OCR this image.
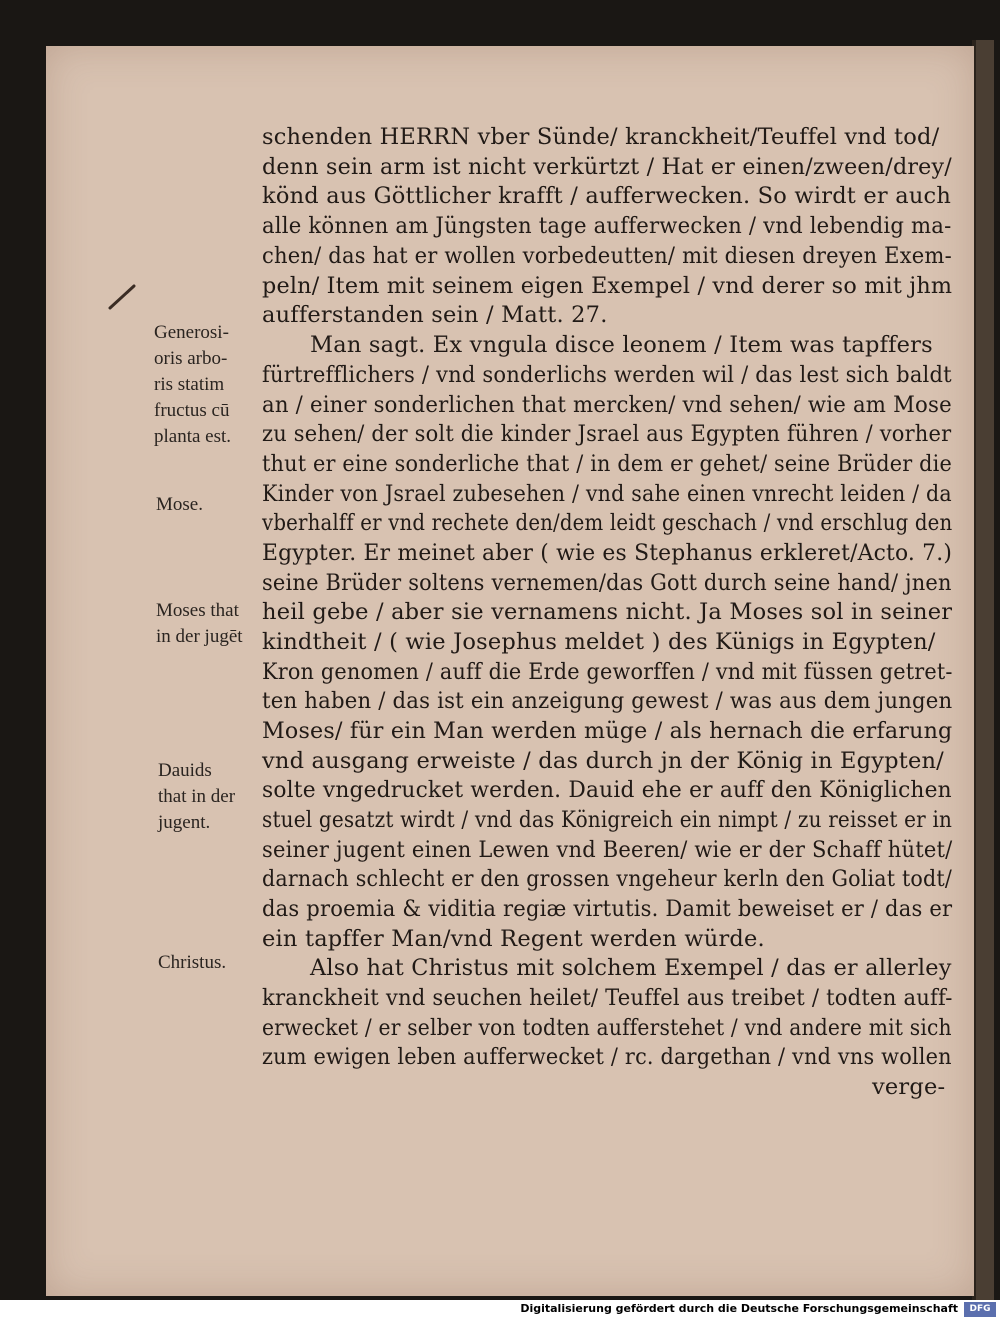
schenden HERRN vber Sünde/ kranckheit/Teuffel vnd tod/
denn sein arm ist nicht verkürtzt / Hat er einen/zween/drey/
könd aus Göttlicher krafft / aufferwecken. So wirdt er auch
alle können am Jüngsten tage aufferwecken / vnd lebendig ma-
chen/ das hat er wollen vorbedeutten/ mit diesen dreyen Exem-
peln/ Item mit seinem eigen Exempel / vnd derer so mit jhm
aufferstanden sein / Matt. 27.
Man sagt. Ex vngula disce leonem / Item was tapffers
fürtrefflichers / vnd sonderlichs werden wil / das lest sich baldt
an / einer sonderlichen that mercken/ vnd sehen/ wie am Mose
zu sehen/ der solt die kinder Jsrael aus Egypten führen / vorher
thut er eine sonderliche that / in dem er gehet/ seine Brüder die
Kinder von Jsrael zubesehen / vnd sahe einen vnrecht leiden / da
vberhalff er vnd rechete den/dem leidt geschach / vnd erschlug den
Egypter. Er meinet aber ( wie es Stephanus erkleret/Acto. 7.)
seine Brüder soltens vernemen/das Gott durch seine hand/ jnen
heil gebe / aber sie vernamens nicht. Ja Moses sol in seiner
kindtheit / ( wie Josephus meldet ) des Künigs in Egypten/
Kron genomen / auff die Erde geworffen / vnd mit füssen getret-
ten haben / das ist ein anzeigung gewest / was aus dem jungen
Moses/ für ein Man werden müge / als hernach die erfarung
vnd ausgang erweiste / das durch jn der König in Egypten/
solte vngedrucket werden. Dauid ehe er auff den Königlichen
stuel gesatzt wirdt / vnd das Königreich ein nimpt / zu reisset er in
seiner jugent einen Lewen vnd Beeren/ wie er der Schaff hütet/
darnach schlecht er den grossen vngeheur kerln den Goliat todt/
das proemia & viditia regiæ virtutis. Damit beweiset er / das er
ein tapffer Man/vnd Regent werden würde.
Also hat Christus mit solchem Exempel / das er allerley
kranckheit vnd seuchen heilet/ Teuffel aus treibet / todten auff-
erwecket / er selber von todten aufferstehet / vnd andere mit sich
zum ewigen leben aufferwecket / rc. dargethan / vnd vns wollen
verge-
Generosi-
oris arbo-
ris statim
fructus cū
planta est.
Mose.
Moses that
in der jugēt
Dauids
that in der
jugent.
Christus.
Digitalisierung gefördert durch die Deutsche Forschungsgemeinschaft	DFG
